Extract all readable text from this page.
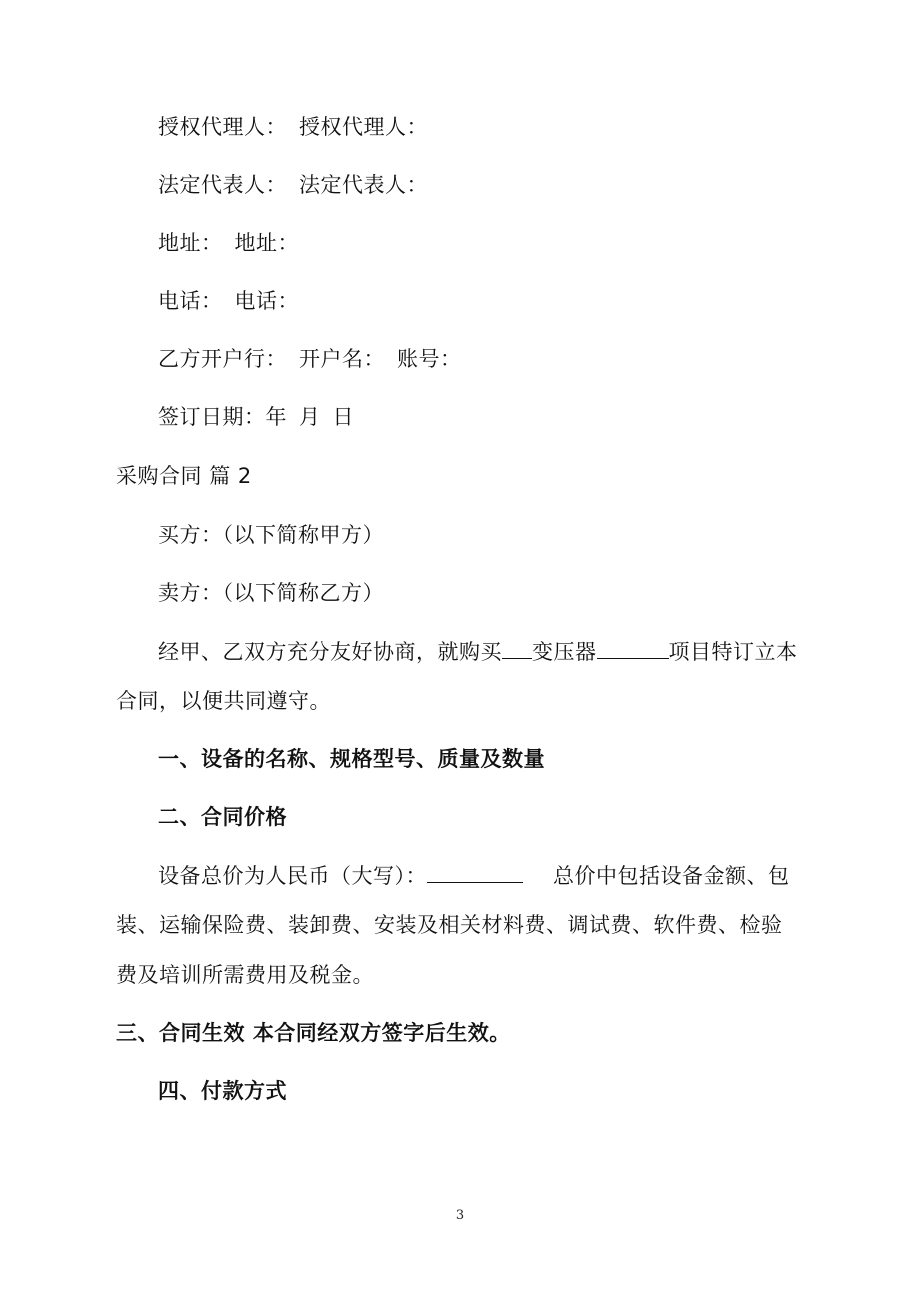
授权代理人： 授权代理人：

法定代表人： 法定代表人：

地址： 地址：

电话： 电话：

乙方开户行： 开户名： 账号：

签订日期：年 月 日

采购合同 篇 2

买方：（以下简称甲方）

卖方：（以下简称乙方）

经甲、乙双方充分友好协商，就购买 变压器	项目特订立本

合同，以便共同遵守。

一、设备的名称、规格型号、质量及数量

二、合同价格

设备总价为人民币（大写）：	总价中包括设备金额、包

装、运输保险费、装卸费、安装及相关材料费、调试费、软件费、检验

费及培训所需费用及税金。

三、合同生效 本合同经双方签字后生效。

四、付款方式

3
